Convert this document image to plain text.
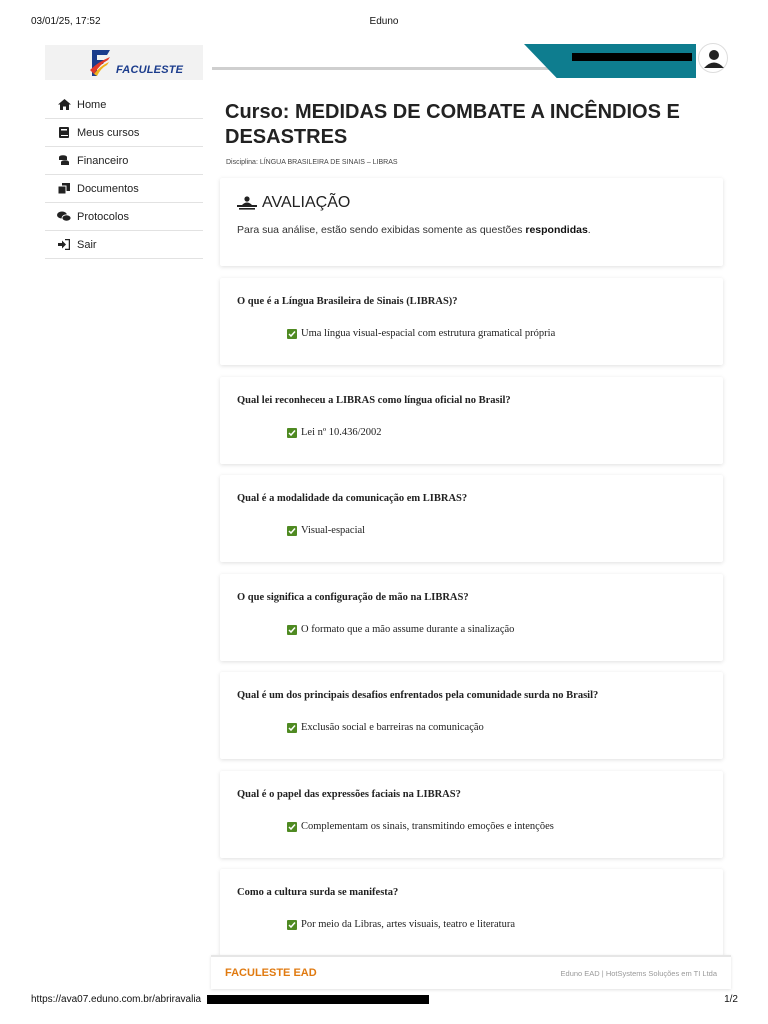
03/01/25, 17:52	Eduno
FACULESTE
Home
Meus cursos
Financeiro
Documentos
Protocolos
Sair
Curso: MEDIDAS DE COMBATE A INCÊNDIOS E DESASTRES
Disciplina: LÍNGUA BRASILEIRA DE SINAIS – LIBRAS
AVALIAÇÃO

Para sua análise, estão sendo exibidas somente as questões respondidas.

O que é a Língua Brasileira de Sinais (LIBRAS)?
Uma língua visual-espacial com estrutura gramatical própria
Qual lei reconheceu a LIBRAS como língua oficial no Brasil?
Lei nº 10.436/2002
Qual é a modalidade da comunicação em LIBRAS?
Visual-espacial
O que significa a configuração de mão na LIBRAS?
O formato que a mão assume durante a sinalização
Qual é um dos principais desafios enfrentados pela comunidade surda no Brasil?
Exclusão social e barreiras na comunicação
Qual é o papel das expressões faciais na LIBRAS?
Complementam os sinais, transmitindo emoções e intenções
Como a cultura surda se manifesta?
Por meio da Libras, artes visuais, teatro e literatura
FACULESTE EAD	Eduno EAD | HotSystems Soluções em TI Ltda
https://ava07.eduno.com.br/abriravalia	1/2
